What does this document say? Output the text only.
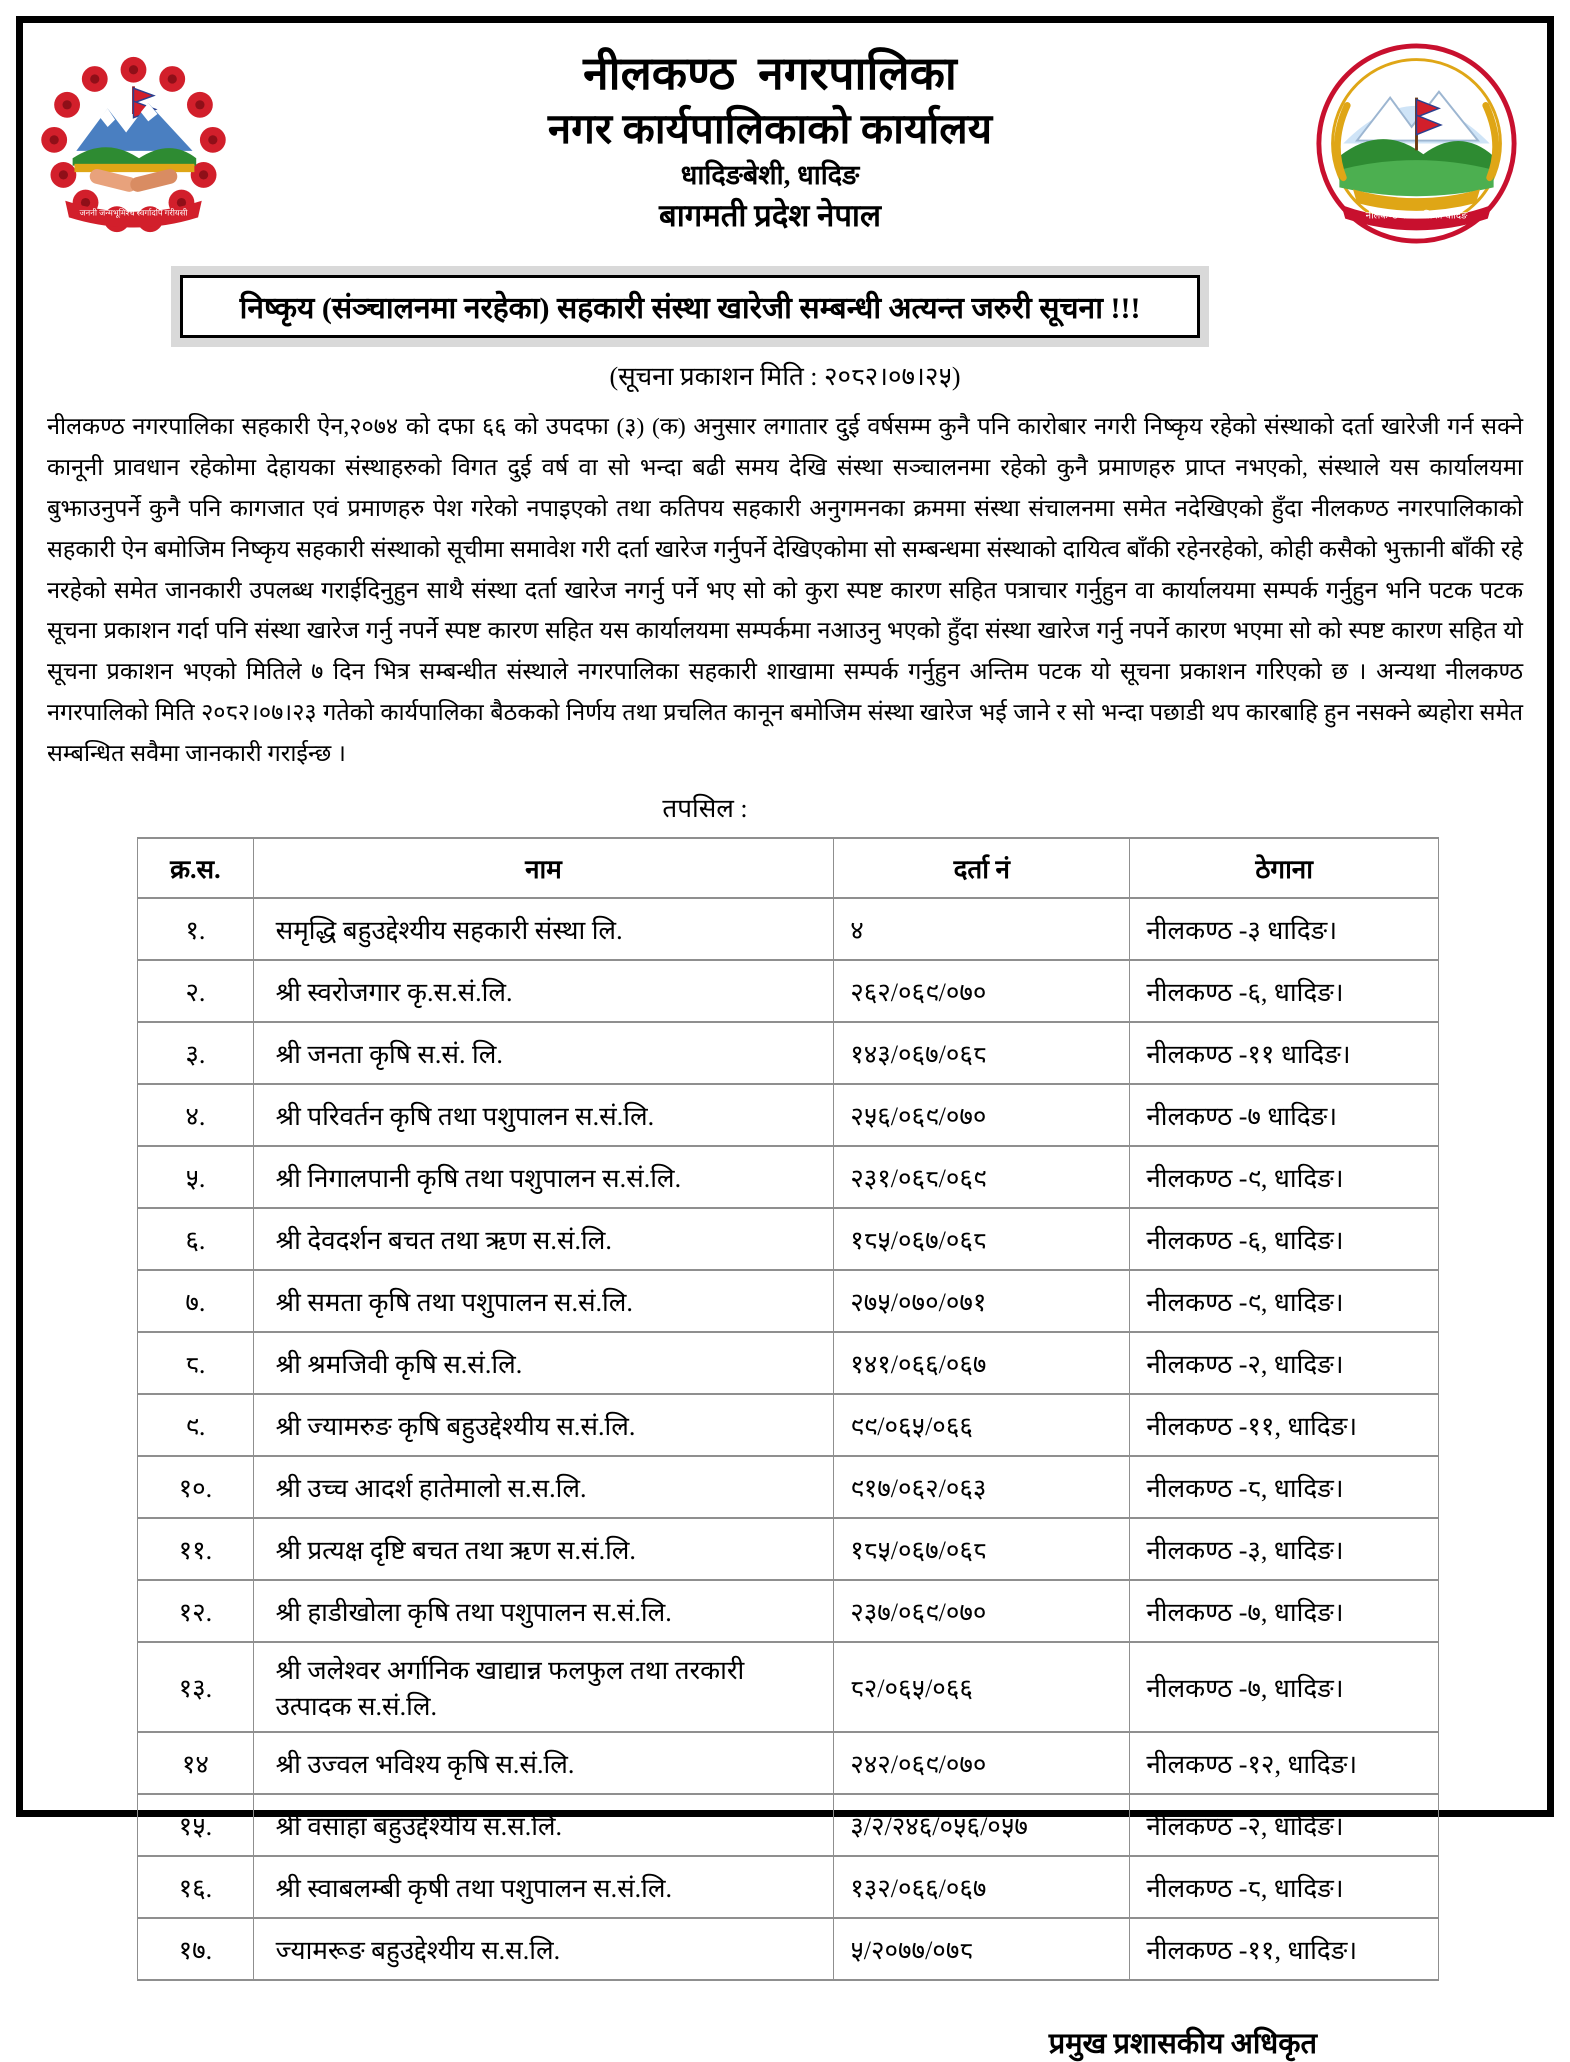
जननी जन्मभूमिश्च स्वर्गादपि गरीयसी
नीलकण्ठ  नगरपालिका
नगर कार्यपालिकाको कार्यालय
धादिङबेशी, धादिङ
बागमती प्रदेश नेपाल	नीलकण्ठ नगरपालिका धादिङ
निष्कृय (संञ्चालनमा नरहेका) सहकारी संस्था खारेजी सम्बन्धी अत्यन्त जरुरी सूचना !!!
(सूचना प्रकाशन मिति : २०८२।०७।२५)
नीलकण्ठ नगरपालिका सहकारी ऐन,२०७४ को दफा ६६ को उपदफा (३) (क) अनुसार लगातार दुई वर्षसम्म कुनै पनि कारोबार नगरी निष्कृय रहेको संस्थाको दर्ता खारेजी गर्न सक्ने कानूनी प्रावधान रहेकोमा देहायका संस्थाहरुको विगत दुई वर्ष वा सो भन्दा बढी समय देखि संस्था सञ्चालनमा रहेको कुनै प्रमाणहरु प्राप्त नभएको, संस्थाले यस कार्यालयमा बुझाउनुपर्ने कुनै पनि कागजात एवं प्रमाणहरु पेश गरेको नपाइएको तथा कतिपय सहकारी अनुगमनका क्रममा संस्था संचालनमा समेत नदेखिएको हुँदा नीलकण्ठ नगरपालिकाको सहकारी ऐन बमोजिम निष्कृय सहकारी संस्थाको सूचीमा समावेश गरी दर्ता खारेज गर्नुपर्ने देखिएकोमा सो सम्बन्धमा संस्थाको दायित्व बाँकी रहेनरहेको, कोही कसैको भुक्तानी बाँकी रहे नरहेको समेत जानकारी उपलब्ध गराईदिनुहुन साथै संस्था दर्ता खारेज नगर्नु पर्ने भए सो को कुरा स्पष्ट कारण सहित पत्राचार गर्नुहुन वा कार्यालयमा सम्पर्क गर्नुहुन भनि पटक पटक सूचना प्रकाशन गर्दा पनि संस्था खारेज गर्नु नपर्ने स्पष्ट कारण सहित यस कार्यालयमा सम्पर्कमा नआउनु भएको हुँदा संस्था खारेज गर्नु नपर्ने कारण भएमा सो को स्पष्ट कारण सहित यो सूचना प्रकाशन भएको मितिले ७ दिन भित्र सम्बन्धीत संस्थाले नगरपालिका सहकारी शाखामा सम्पर्क गर्नुहुन अन्तिम पटक यो सूचना प्रकाशन गरिएको छ । अन्यथा नीलकण्ठ नगरपालिको मिति २०८२।०७।२३ गतेको कार्यपालिका बैठकको निर्णय तथा प्रचलित कानून बमोजिम संस्था खारेज भई जाने र सो भन्दा पछाडी थप कारबाहि हुन नसक्ने ब्यहोरा समेत सम्बन्धित सवैमा जानकारी गराईन्छ ।
तपसिल :
क्र.स.	नाम	दर्ता नं	ठेगाना
१.	समृद्धि बहुउद्देश्यीय सहकारी संस्था लि.	४	नीलकण्ठ -३ धादिङ।
२.	श्री स्वरोजगार कृ.स.सं.लि.	२६२/०६९/०७०	नीलकण्ठ -६, धादिङ।
३.	श्री जनता कृषि स.सं. लि.	१४३/०६७/०६८	नीलकण्ठ -११ धादिङ।
४.	श्री परिवर्तन कृषि तथा पशुपालन स.सं.लि.	२५६/०६९/०७०	नीलकण्ठ -७ धादिङ।
५.	श्री निगालपानी कृषि तथा पशुपालन स.सं.लि.	२३१/०६८/०६९	नीलकण्ठ -९, धादिङ।
६.	श्री देवदर्शन बचत तथा ऋण स.सं.लि.	१८५/०६७/०६८	नीलकण्ठ -६, धादिङ।
७.	श्री समता कृषि तथा पशुपालन स.सं.लि.	२७५/०७०/०७१	नीलकण्ठ -९, धादिङ।
८.	श्री श्रमजिवी कृषि स.सं.लि.	१४१/०६६/०६७	नीलकण्ठ -२, धादिङ।
९.	श्री ज्यामरुङ कृषि बहुउद्देश्यीय स.सं.लि.	९९/०६५/०६६	नीलकण्ठ -११, धादिङ।
१०.	श्री उच्च आदर्श हातेमालो स.स.लि.	९१७/०६२/०६३	नीलकण्ठ -८, धादिङ।
११.	श्री प्रत्यक्ष दृष्टि बचत तथा ऋण स.सं.लि.	१८५/०६७/०६८	नीलकण्ठ -३, धादिङ।
१२.	श्री हाडीखोला कृषि तथा पशुपालन स.सं.लि.	२३७/०६९/०७०	नीलकण्ठ -७, धादिङ।
१३.	श्री जलेश्वर अर्गानिक खाद्यान्न फलफुल तथा तरकारी उत्पादक स.सं.लि.	८२/०६५/०६६	नीलकण्ठ -७, धादिङ।
१४	श्री उज्वल भविश्य कृषि स.सं.लि.	२४२/०६९/०७०	नीलकण्ठ -१२, धादिङ।
१५.	श्री वसाहा बहुउद्देश्यीय स.सं.लि.	३/२/२४६/०५६/०५७	नीलकण्ठ -२, धादिङ।
१६.	श्री स्वाबलम्बी कृषी तथा पशुपालन स.सं.लि.	१३२/०६६/०६७	नीलकण्ठ -८, धादिङ।
१७.	ज्यामरूङ बहुउद्देश्यीय स.स.लि.	५/२०७७/०७८	नीलकण्ठ -११, धादिङ।
प्रमुख प्रशासकीय अधिकृत
